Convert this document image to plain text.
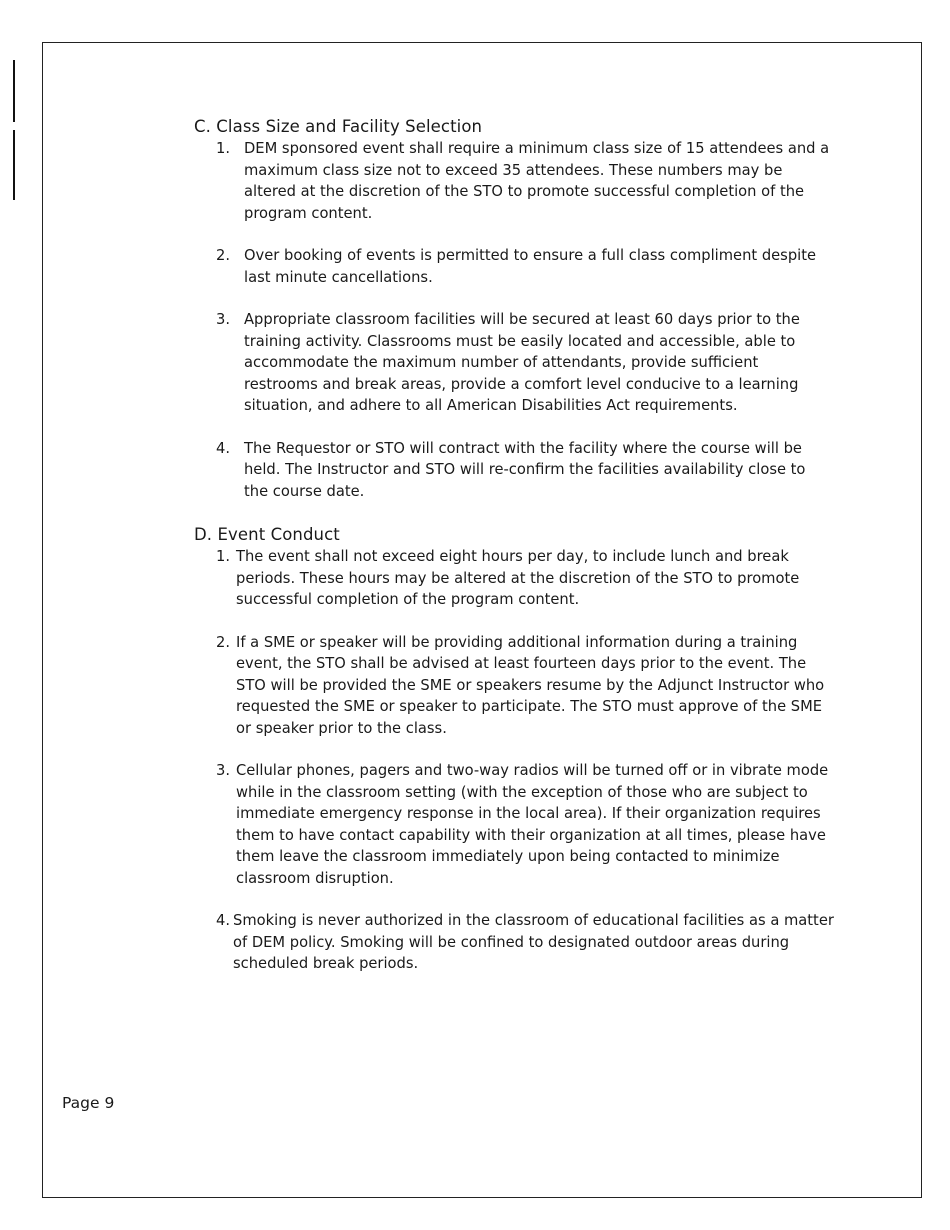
C. Class Size and Facility Selection
1. DEM sponsored event shall require a minimum class size of 15 attendees and a maximum class size not to exceed 35 attendees. These numbers may be altered at the discretion of the STO to promote successful completion of the program content.
2. Over booking of events is permitted to ensure a full class compliment despite last minute cancellations.
3. Appropriate classroom facilities will be secured at least 60 days prior to the training activity. Classrooms must be easily located and accessible, able to accommodate the maximum number of attendants, provide sufficient restrooms and break areas, provide a comfort level conducive to a learning situation, and adhere to all American Disabilities Act requirements.
4. The Requestor or STO will contract with the facility where the course will be held. The Instructor and STO will re-confirm the facilities availability close to the course date.
D. Event Conduct
1. The event shall not exceed eight hours per day, to include lunch and break periods. These hours may be altered at the discretion of the STO to promote successful completion of the program content.
2. If a SME or speaker will be providing additional information during a training event, the STO shall be advised at least fourteen days prior to the event. The STO will be provided the SME or speakers resume by the Adjunct Instructor who requested the SME or speaker to participate. The STO must approve of the SME or speaker prior to the class.
3. Cellular phones, pagers and two-way radios will be turned off or in vibrate mode while in the classroom setting (with the exception of those who are subject to immediate emergency response in the local area). If their organization requires them to have contact capability with their organization at all times, please have them leave the classroom immediately upon being contacted to minimize classroom disruption.
4. Smoking is never authorized in the classroom of educational facilities as a matter of DEM policy. Smoking will be confined to designated outdoor areas during scheduled break periods.
Page 9
